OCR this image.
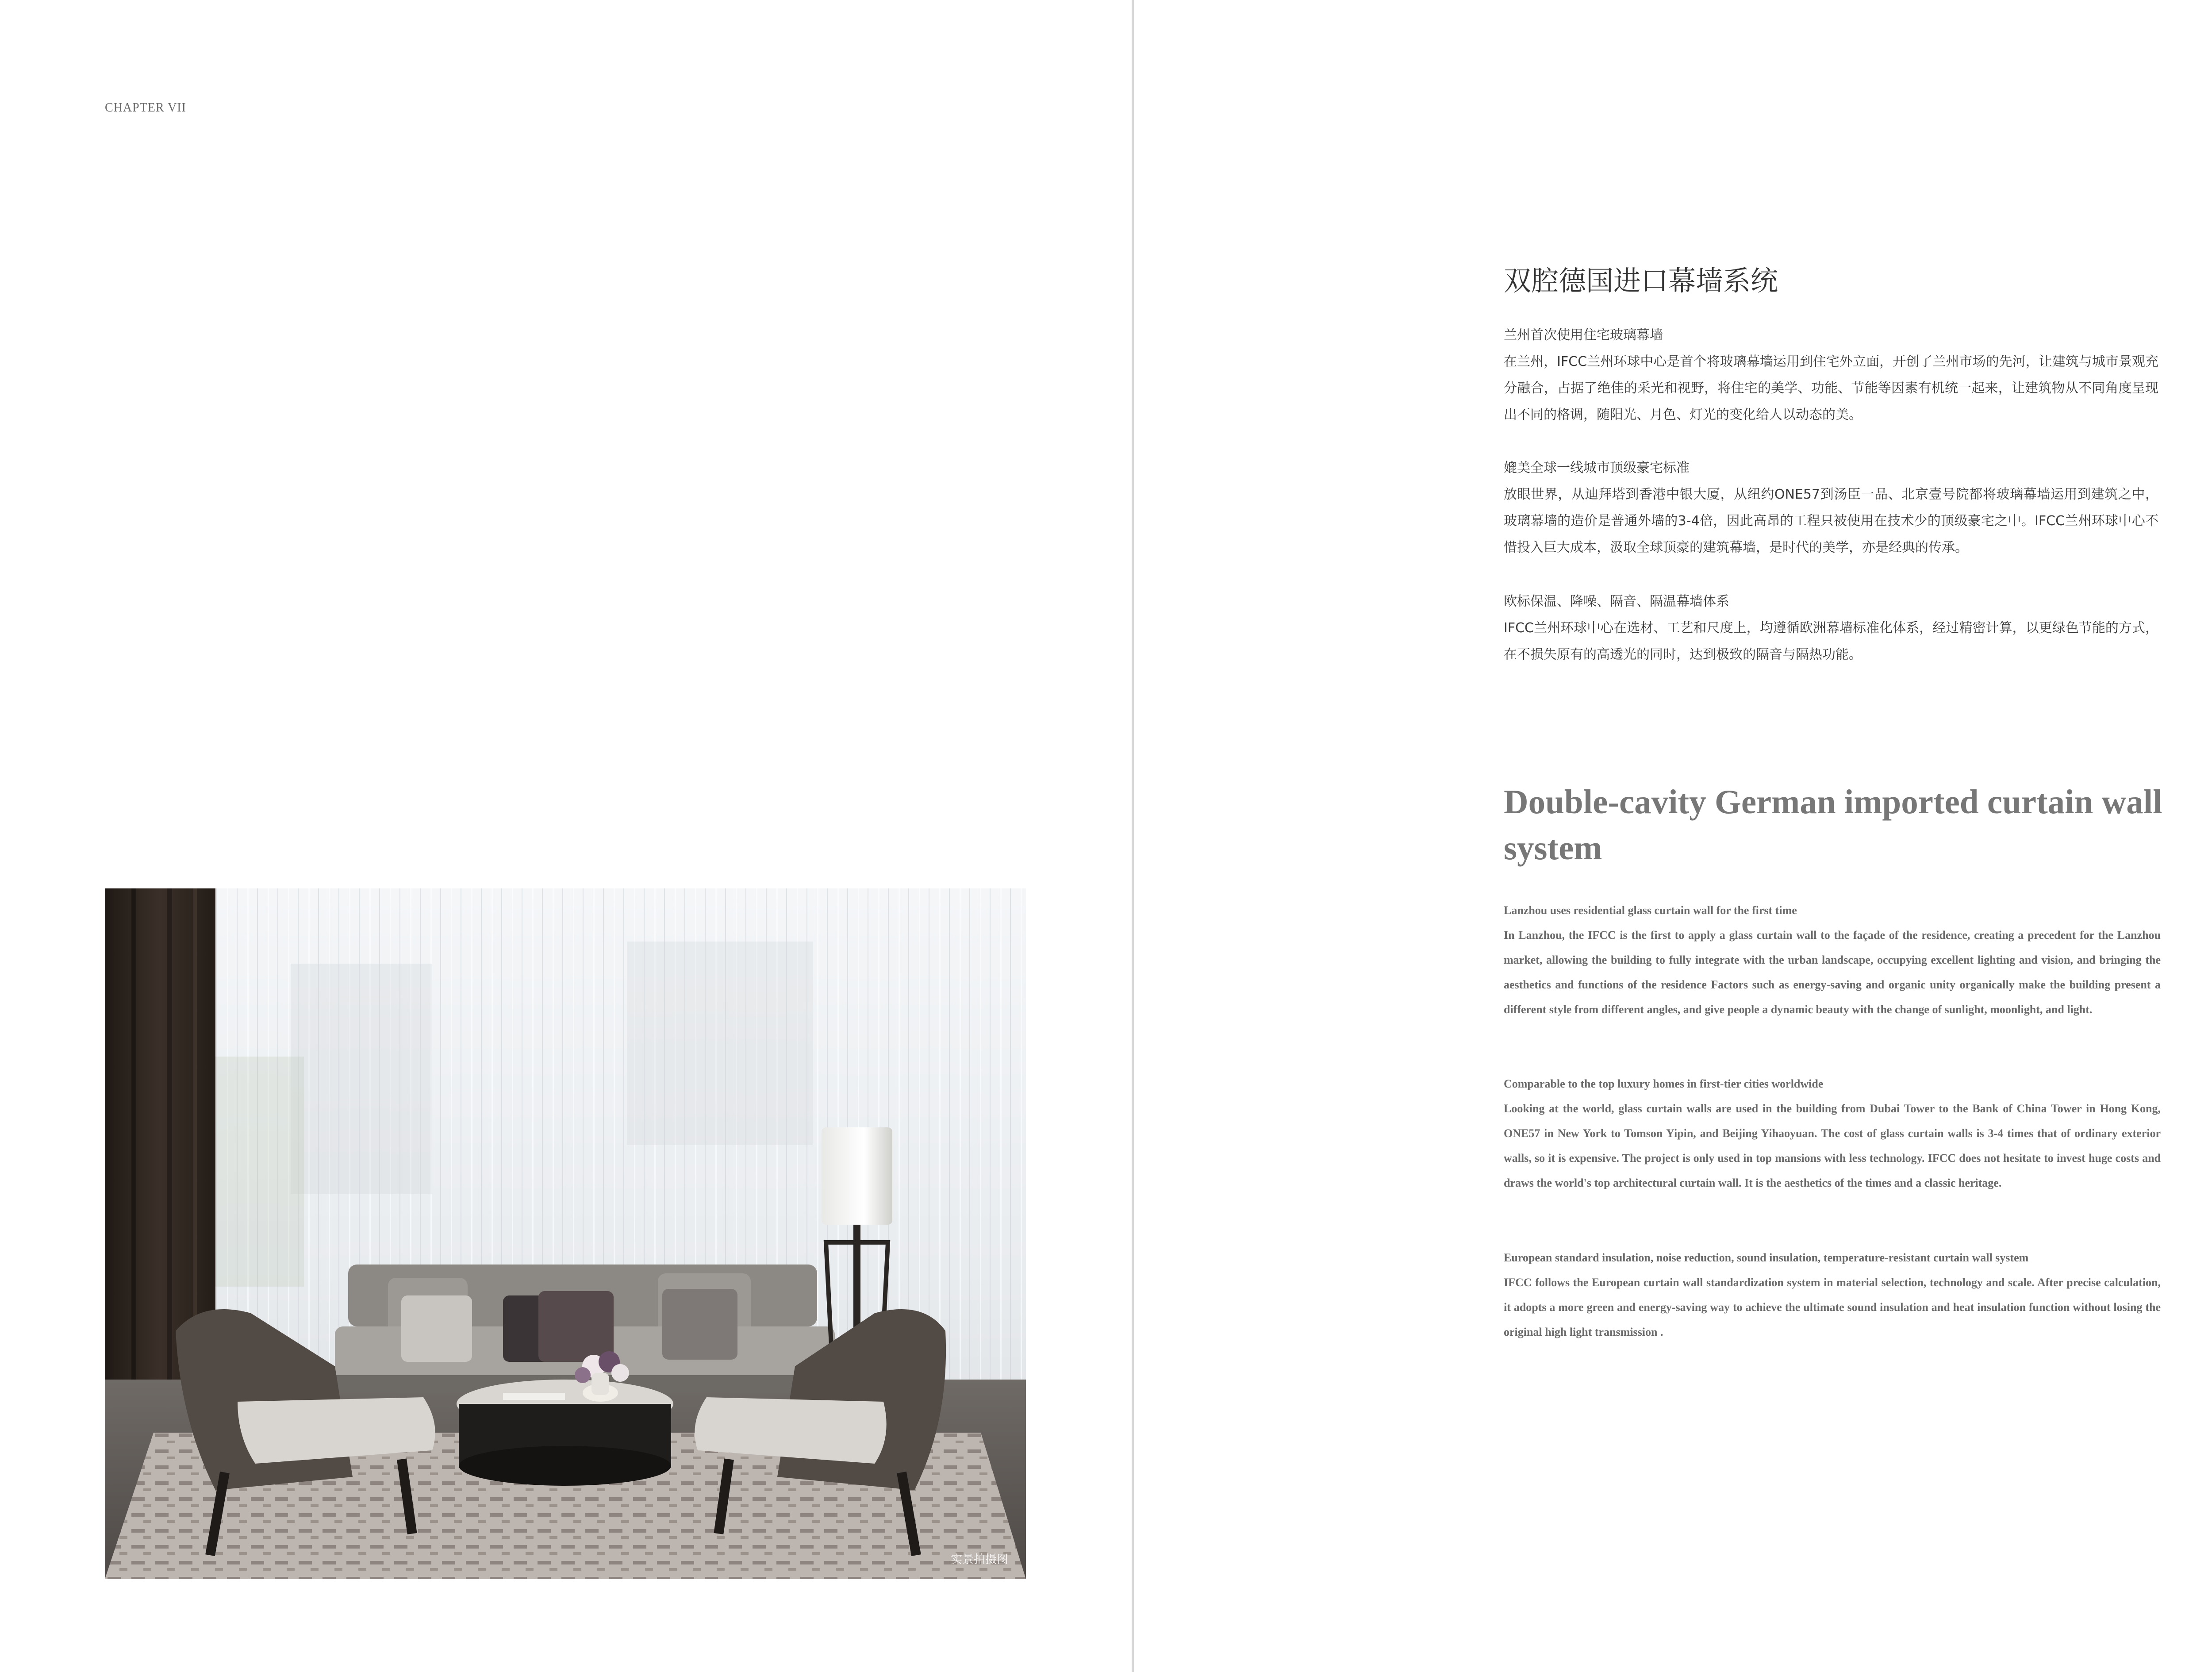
CHAPTER VII
实景拍摄图
双腔德国进口幕墙系统

兰州首次使用住宅玻璃幕墙

在兰州，IFCC兰州环球中心是首个将玻璃幕墙运用到住宅外立面，开创了兰州市场的先河，让建筑与城市景观充分融合，占据了绝佳的采光和视野，将住宅的美学、功能、节能等因素有机统一起来，让建筑物从不同角度呈现出不同的格调，随阳光、月色、灯光的变化给人以动态的美。

媲美全球一线城市顶级豪宅标准

放眼世界，从迪拜塔到香港中银大厦，从纽约ONE57到汤臣一品、北京壹号院都将玻璃幕墙运用到建筑之中，玻璃幕墙的造价是普通外墙的3-4倍，因此高昂的工程只被使用在技术少的顶级豪宅之中。IFCC兰州环球中心不惜投入巨大成本，汲取全球顶豪的建筑幕墙，是时代的美学，亦是经典的传承。

欧标保温、降噪、隔音、隔温幕墙体系

IFCC兰州环球中心在选材、工艺和尺度上，均遵循欧洲幕墙标准化体系，经过精密计算，以更绿色节能的方式，在不损失原有的高透光的同时，达到极致的隔音与隔热功能。

Double-cavity German imported curtain wall system

Lanzhou uses residential glass curtain wall for the first time

In Lanzhou, the IFCC is the first to apply a glass curtain wall to the façade of the residence, creating a precedent for the Lanzhou market, allowing the building to fully integrate with the urban landscape, occupying excellent lighting and vision, and bringing the aesthetics and functions of the residence Factors such as energy-saving and organic unity organically make the building present a different style from different angles, and give people a dynamic beauty with the change of sunlight, moonlight, and light.

Comparable to the top luxury homes in first-tier cities worldwide

Looking at the world, glass curtain walls are used in the building from Dubai Tower to the Bank of China Tower in Hong Kong, ONE57 in New York to Tomson Yipin, and Beijing Yihaoyuan. The cost of glass curtain walls is 3-4 times that of ordinary exterior walls, so it is expensive. The project is only used in top mansions with less technology. IFCC does not hesitate to invest huge costs and draws the world's top architectural curtain wall. It is the aesthetics of the times and a classic heritage.

European standard insulation, noise reduction, sound insulation, temperature-resistant curtain wall system

IFCC follows the European curtain wall standardization system in material selection, technology and scale. After precise calculation, it adopts a more green and energy-saving way to achieve the ultimate sound insulation and heat insulation function without losing the original high light transmission .
